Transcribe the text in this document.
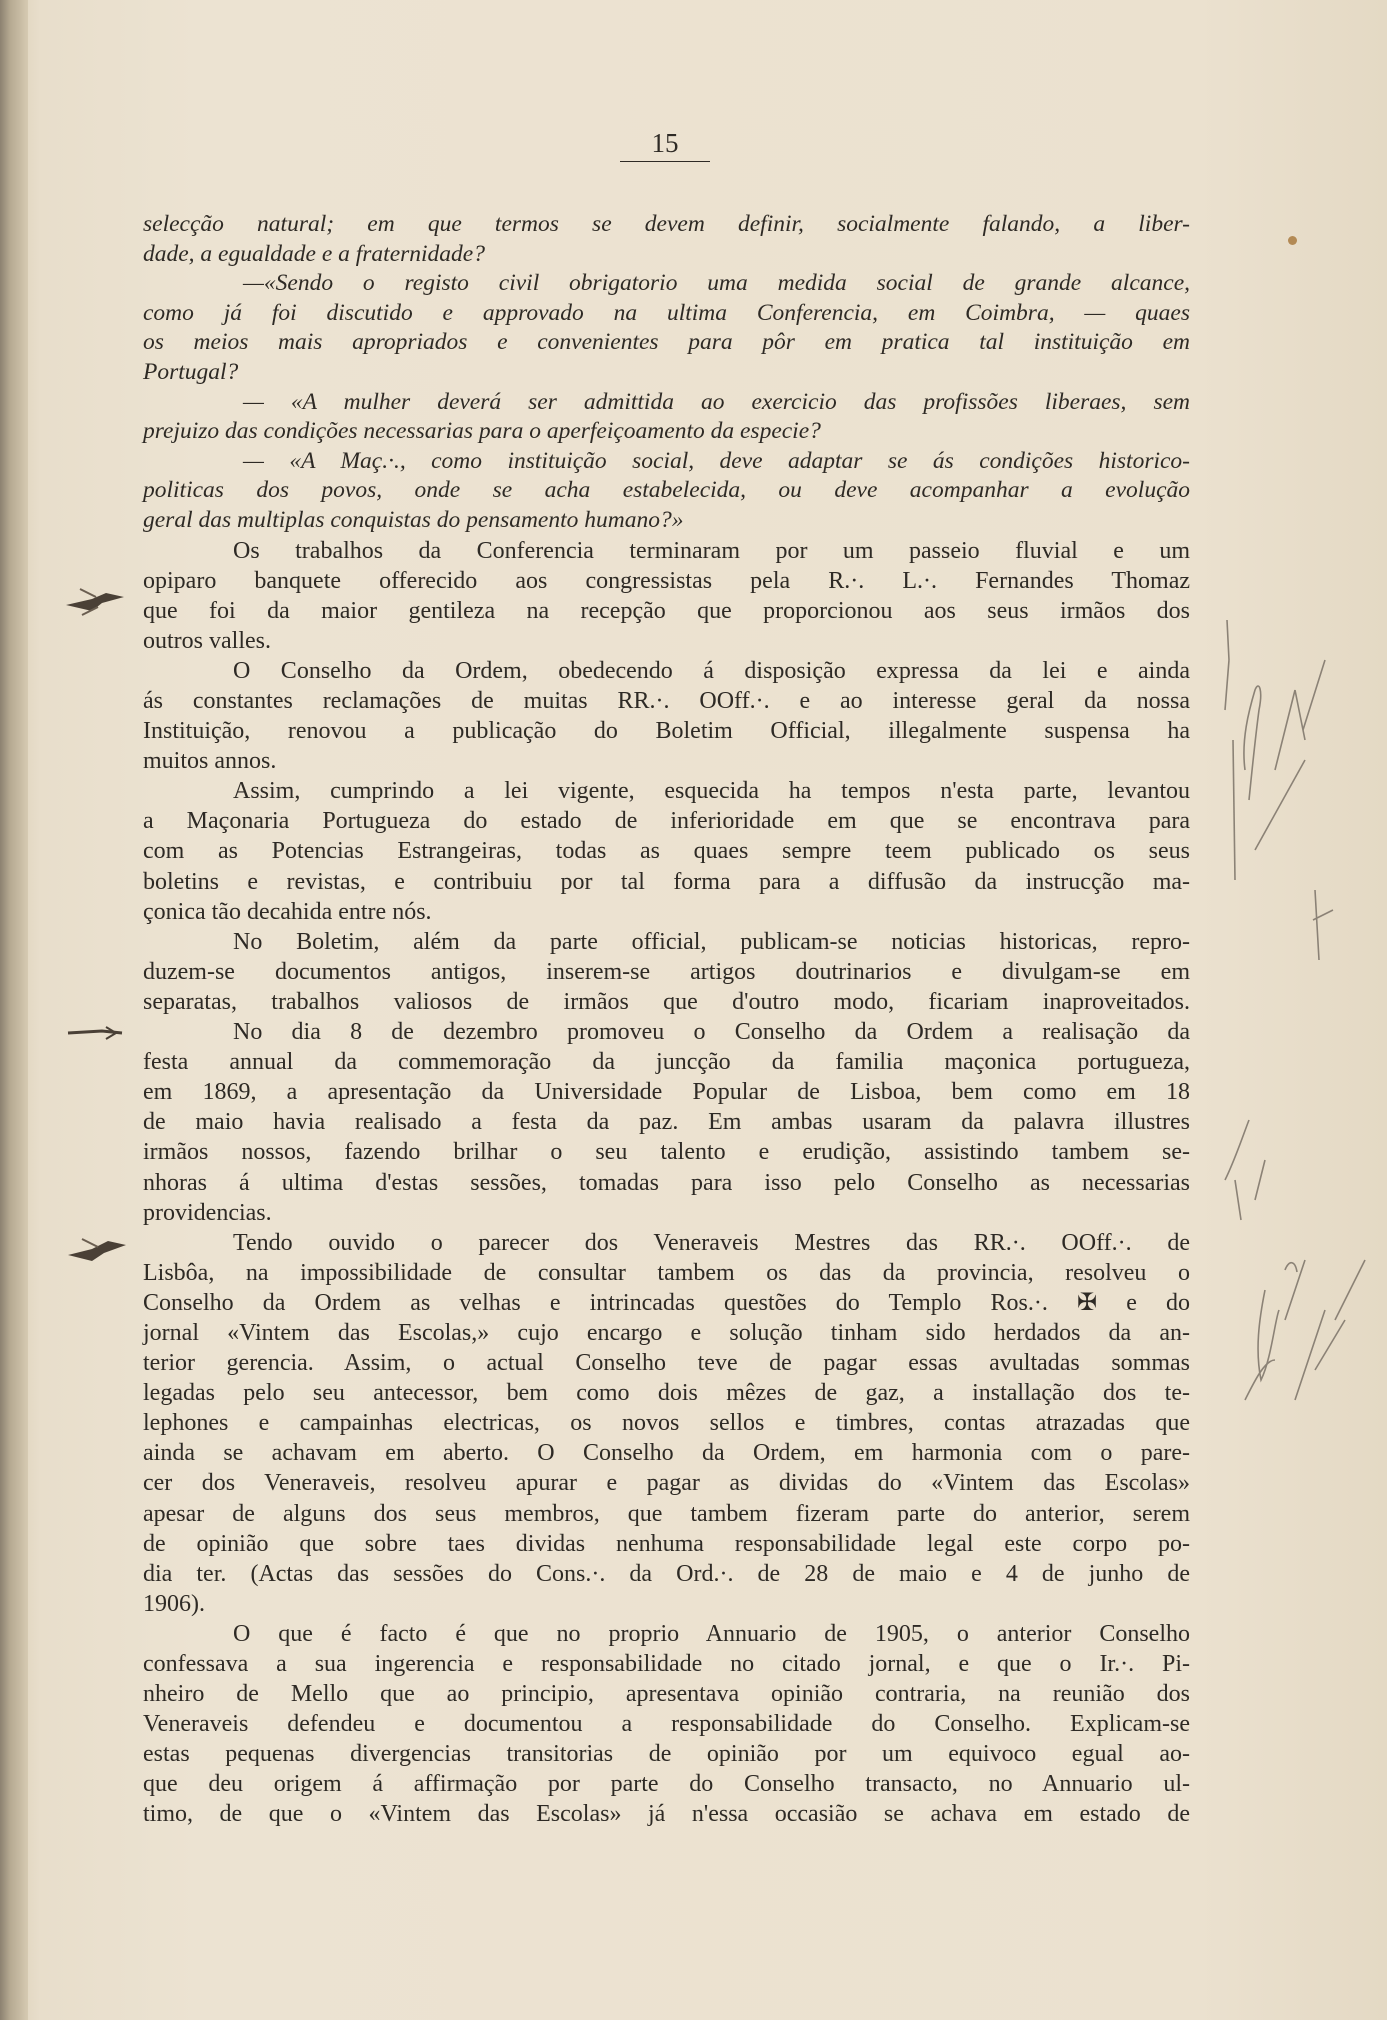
15
selecção natural; em que termos se devem definir, socialmente falando, a liber-
dade, a egualdade e a fraternidade?
—«Sendo o registo civil obrigatorio uma medida social de grande alcance,
como já foi discutido e approvado na ultima Conferencia, em Coimbra, — quaes
os meios mais apropriados e convenientes para pôr em pratica tal instituição em
Portugal?
— «A mulher deverá ser admittida ao exercicio das profissões liberaes, sem
prejuizo das condições necessarias para o aperfeiçoamento da especie?
— «A Maç.·., como instituição social, deve adaptar se ás condições historico-
politicas dos povos, onde se acha estabelecida, ou deve acompanhar a evolução
geral das multiplas conquistas do pensamento humano?»
Os trabalhos da Conferencia terminaram por um passeio fluvial e um
opiparo banquete offerecido aos congressistas pela R.·. L.·. Fernandes Thomaz
que foi da maior gentileza na recepção que proporcionou aos seus irmãos dos
outros valles.
O Conselho da Ordem, obedecendo á disposição expressa da lei e ainda
ás constantes reclamações de muitas RR.·. OOff.·. e ao interesse geral da nossa
Instituição, renovou a publicação do Boletim Official, illegalmente suspensa ha
muitos annos.
Assim, cumprindo a lei vigente, esquecida ha tempos n'esta parte, levantou
a Maçonaria Portugueza do estado de inferioridade em que se encontrava para
com as Potencias Estrangeiras, todas as quaes sempre teem publicado os seus
boletins e revistas, e contribuiu por tal forma para a diffusão da instrucção ma-
çonica tão decahida entre nós.
No Boletim, além da parte official, publicam-se noticias historicas, repro-
duzem-se documentos antigos, inserem-se artigos doutrinarios e divulgam-se em
separatas, trabalhos valiosos de irmãos que d'outro modo, ficariam inaproveitados.
No dia 8 de dezembro promoveu o Conselho da Ordem a realisação da
festa annual da commemoração da juncção da familia maçonica portugueza,
em 1869, a apresentação da Universidade Popular de Lisboa, bem como em 18
de maio havia realisado a festa da paz. Em ambas usaram da palavra illustres
irmãos nossos, fazendo brilhar o seu talento e erudição, assistindo tambem se-
nhoras á ultima d'estas sessões, tomadas para isso pelo Conselho as necessarias
providencias.
Tendo ouvido o parecer dos Veneraveis Mestres das RR.·. OOff.·. de
Lisbôa, na impossibilidade de consultar tambem os das da provincia, resolveu o
Conselho da Ordem as velhas e intrincadas questões do Templo Ros.·. ✠ e do
jornal «Vintem das Escolas,» cujo encargo e solução tinham sido herdados da an-
terior gerencia. Assim, o actual Conselho teve de pagar essas avultadas sommas
legadas pelo seu antecessor, bem como dois mêzes de gaz, a installação dos te-
lephones e campainhas electricas, os novos sellos e timbres, contas atrazadas que
ainda se achavam em aberto. O Conselho da Ordem, em harmonia com o pare-
cer dos Veneraveis, resolveu apurar e pagar as dividas do «Vintem das Escolas»
apesar de alguns dos seus membros, que tambem fizeram parte do anterior, serem
de opinião que sobre taes dividas nenhuma responsabilidade legal este corpo po-
dia ter. (Actas das sessões do Cons.·. da Ord.·. de 28 de maio e 4 de junho de
1906).
O que é facto é que no proprio Annuario de 1905, o anterior Conselho
confessava a sua ingerencia e responsabilidade no citado jornal, e que o Ir.·. Pi-
nheiro de Mello que ao principio, apresentava opinião contraria, na reunião dos
Veneraveis defendeu e documentou a responsabilidade do Conselho. Explicam-se
estas pequenas divergencias transitorias de opinião por um equivoco egual ao-
que deu origem á affirmação por parte do Conselho transacto, no Annuario ul-
timo, de que o «Vintem das Escolas» já n'essa occasião se achava em estado de
